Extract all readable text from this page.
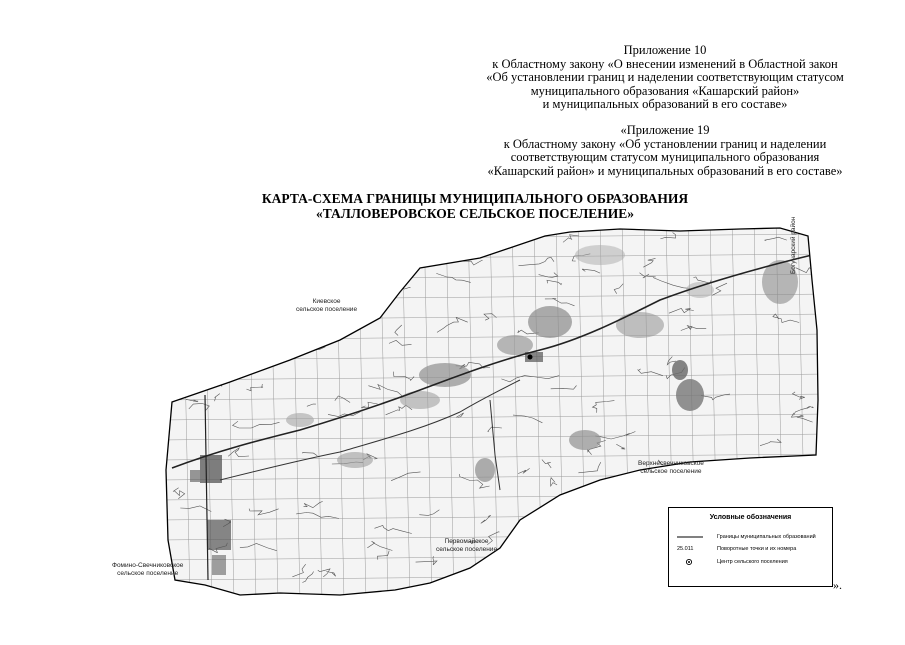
Приложение 10
к Областному закону «О внесении изменений в Областной закон
«Об установлении границ и наделении соответствующим статусом
муниципального образования «Кашарский район»
и муниципальных образований в его составе»
«Приложение 19
к Областному закону «Об установлении границ и наделении
соответствующим статусом муниципального образования
«Кашарский район» и муниципальных образований в его составе»
КАРТА-СХЕМА ГРАНИЦЫ МУНИЦИПАЛЬНОГО ОБРАЗОВАНИЯ
«ТАЛЛОВЕРОВСКОЕ СЕЛЬСКОЕ ПОСЕЛЕНИЕ»
Киевское
сельское поселение
Верхнесвечниковское
сельское поселение
Первомайское
сельское поселение
Фомино-Свечниковское
сельское поселение
Богучарский район
Условные обозначения
Границы муниципальных образований
25.011	Поворотные точки и их номера
Центр сельского поселения
».
